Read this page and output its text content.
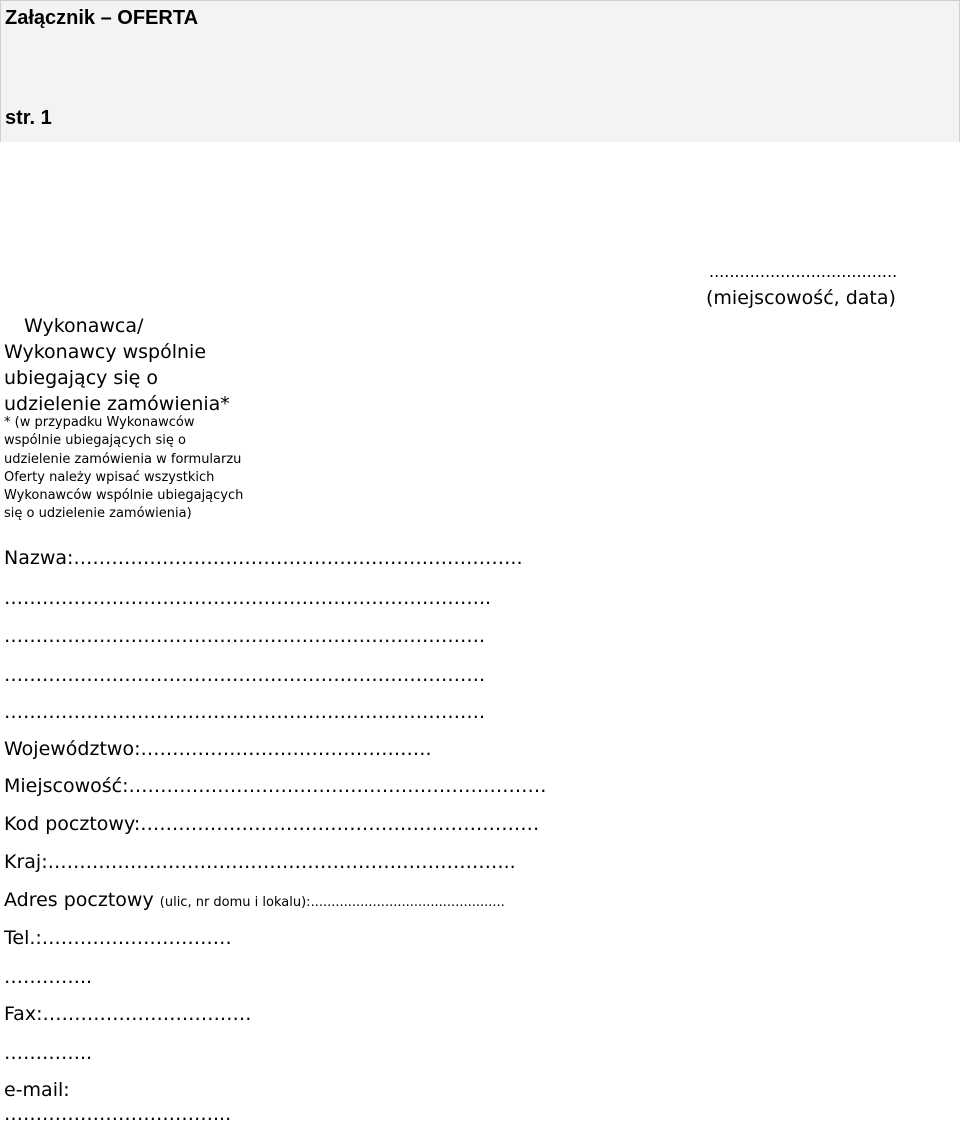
Załącznik – OFERTA
str. 1
.....................................
(miejscowość, data)
Wykonawca/
Wykonawcy wspólnie
ubiegający się o
udzielenie zamówienia*
* (w przypadku Wykonawców
wspólnie ubiegających się o
udzielenie zamówienia w formularzu
Oferty należy wpisać wszystkich
Wykonawców wspólnie ubiegających
się o udzielenie zamówienia)
Nazwa:……………………………………………………………..
…………………………………………………………………..
………………………………………………………………….
………………………………………………………………….
………………………………………………………………….
Województwo:……………………………………….
Miejscowość:…………………………………………………………
Kod pocztowy:………………………………………………………
Kraj:………………………………………………………………..
Adres pocztowy (ulic, nr domu i lokalu):...............................................
Tel.:…………………………
…………..
Fax:……………………………
…………..
e-mail:
……………………………...
